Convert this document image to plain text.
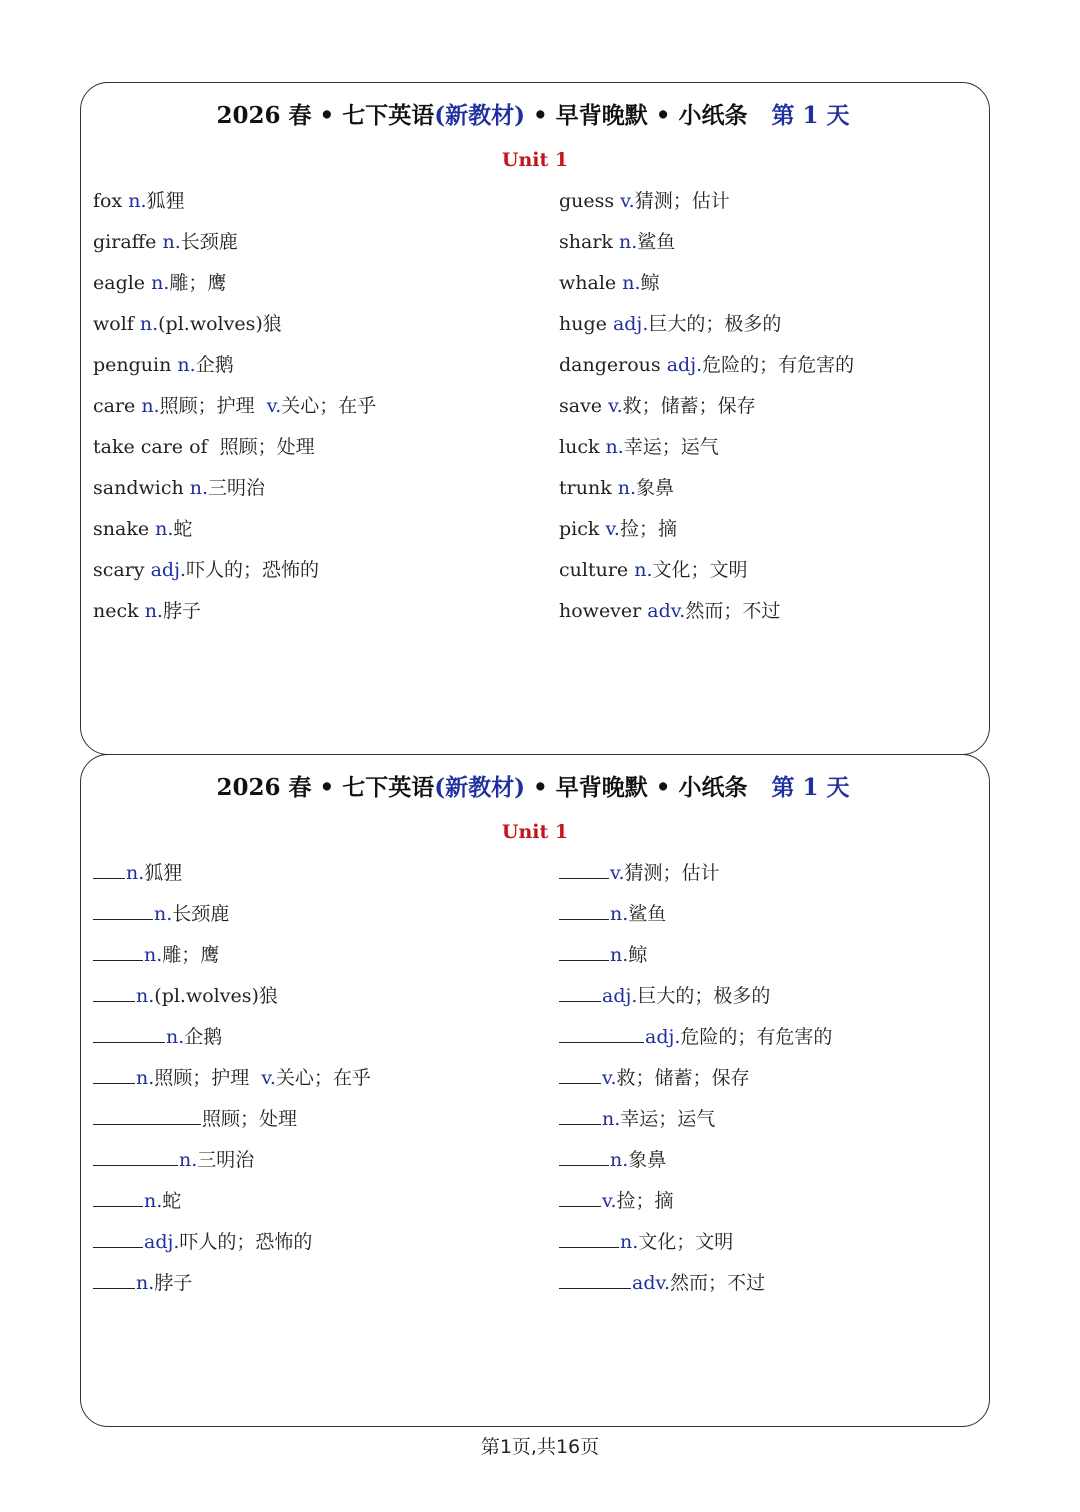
2026 春 • 七下英语(新教材) • 早背晚默 • 小纸条 第 1 天
Unit 1
fox n.狐狸
giraffe n.长颈鹿
eagle n.雕；鹰
wolf n.(pl.wolves)狼
penguin n.企鹅
care n.照顾；护理 v.关心；在乎
take care of 照顾；处理
sandwich n.三明治
snake n.蛇
scary adj.吓人的；恐怖的
neck n.脖子
guess v.猜测；估计
shark n.鲨鱼
whale n.鲸
huge adj.巨大的；极多的
dangerous adj.危险的；有危害的
save v.救；储蓄；保存
luck n.幸运；运气
trunk n.象鼻
pick v.捡；摘
culture n.文化；文明
however adv.然而；不过
2026 春 • 七下英语(新教材) • 早背晚默 • 小纸条 第 1 天
Unit 1
n.狐狸
n.长颈鹿
n.雕；鹰
n.(pl.wolves)狼
n.企鹅
n.照顾；护理 v.关心；在乎
照顾；处理
n.三明治
n.蛇
adj.吓人的；恐怖的
n.脖子
v.猜测；估计
n.鲨鱼
n.鲸
adj.巨大的；极多的
adj.危险的；有危害的
v.救；储蓄；保存
n.幸运；运气
n.象鼻
v.捡；摘
n.文化；文明
adv.然而；不过
第1页,共16页
